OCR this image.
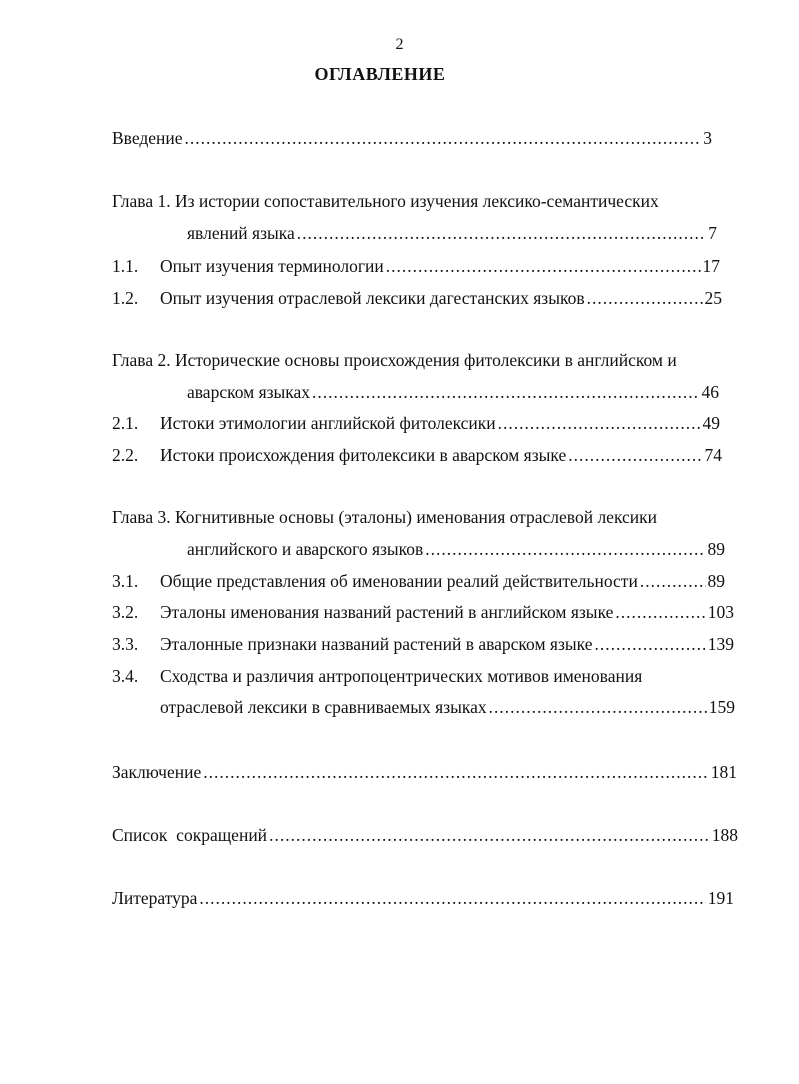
2
ОГЛАВЛЕНИЕ
Введение .....	3
Глава 1. Из истории сопоставительного изучения лексико-семантических
явлений языка .....	7
1.1.	Опыт изучения терминологии .....	17
1.2.	Опыт изучения отраслевой лексики дагестанских языков .....	25
Глава 2. Исторические основы происхождения фитолексики в английском и
аварском языках .....	46
2.1.	Истоки этимологии английской фитолексики .....	49
2.2.	Истоки происхождения фитолексики в аварском языке .....	74
Глава 3. Когнитивные основы (эталоны) именования отраслевой лексики
английского и аварского языков .....	89
3.1.	Общие представления об именовании реалий действительности .....	89
3.2.	Эталоны именования названий растений в английском языке .....	103
3.3.	Эталонные признаки названий растений в аварском языке .....	139
3.4.	Сходства и различия антропоцентрических мотивов именования
отраслевой лексики в сравниваемых языках .....	159
Заключение .....	181
Список  сокращений .....	188
Литература .....	191
